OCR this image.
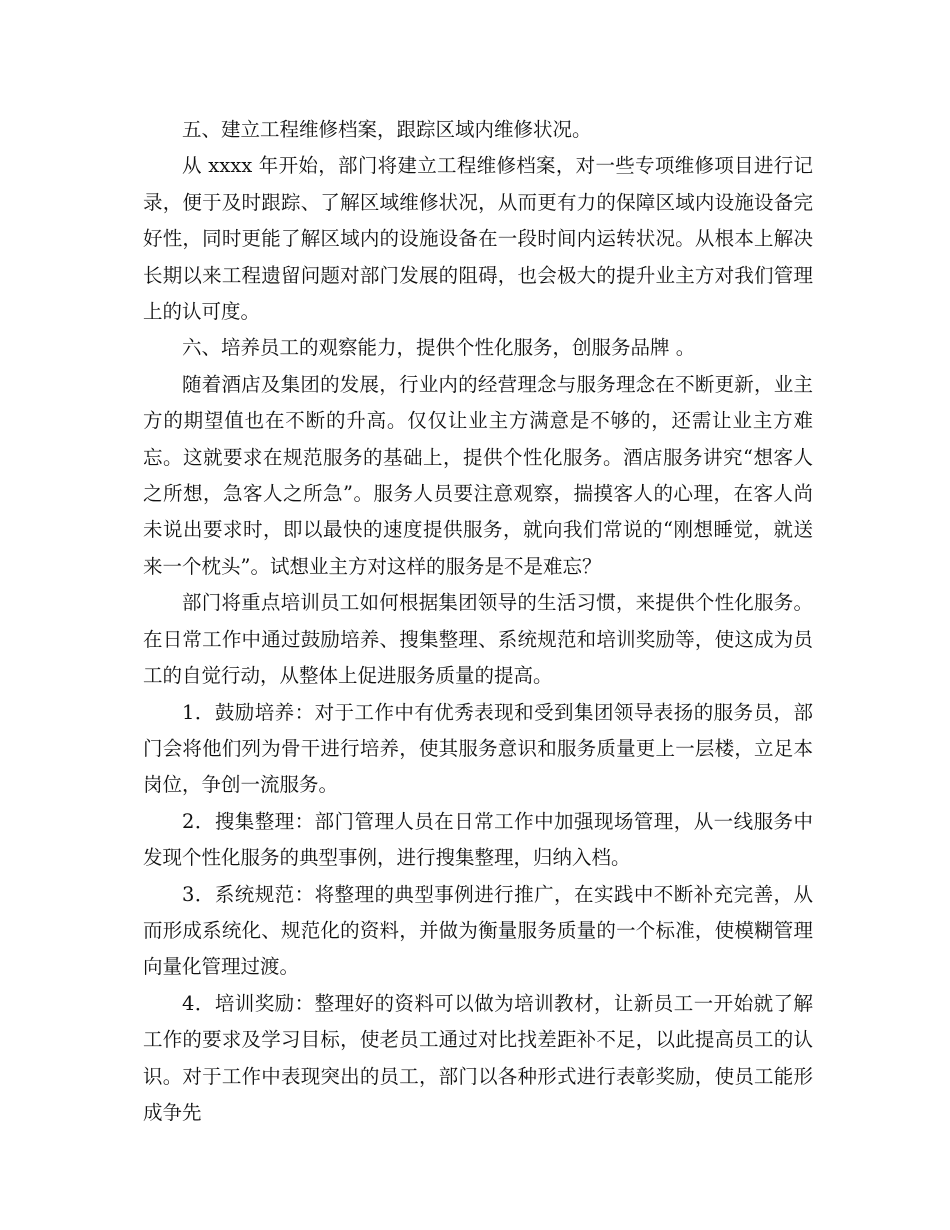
五、建立工程维修档案，跟踪区域内维修状况。

从 xxxx 年开始，部门将建立工程维修档案，对一些专项维修项目进行记录，便于及时跟踪、了解区域维修状况，从而更有力的保障区域内设施设备完好性，同时更能了解区域内的设施设备在一段时间内运转状况。从根本上解决长期以来工程遗留问题对部门发展的阻碍，也会极大的提升业主方对我们管理上的认可度。

六、培养员工的观察能力，提供个性化服务，创服务品牌 。

随着酒店及集团的发展，行业内的经营理念与服务理念在不断更新，业主方的期望值也在不断的升高。仅仅让业主方满意是不够的，还需让业主方难忘。这就要求在规范服务的基础上，提供个性化服务。酒店服务讲究“想客人之所想，急客人之所急”。服务人员要注意观察，揣摸客人的心理，在客人尚未说出要求时，即以最快的速度提供服务，就向我们常说的“刚想睡觉，就送来一个枕头”。试想业主方对这样的服务是不是难忘？

部门将重点培训员工如何根据集团领导的生活习惯，来提供个性化服务。在日常工作中通过鼓励培养、搜集整理、系统规范和培训奖励等，使这成为员工的自觉行动，从整体上促进服务质量的提高。

1．鼓励培养：对于工作中有优秀表现和受到集团领导表扬的服务员，部门会将他们列为骨干进行培养，使其服务意识和服务质量更上一层楼，立足本岗位，争创一流服务。

2．搜集整理：部门管理人员在日常工作中加强现场管理，从一线服务中发现个性化服务的典型事例，进行搜集整理，归纳入档。

3．系统规范：将整理的典型事例进行推广，在实践中不断补充完善，从而形成系统化、规范化的资料，并做为衡量服务质量的一个标准，使模糊管理向量化管理过渡。

4．培训奖励：整理好的资料可以做为培训教材，让新员工一开始就了解工作的要求及学习目标，使老员工通过对比找差距补不足，以此提高员工的认识。对于工作中表现突出的员工，部门以各种形式进行表彰奖励，使员工能形成争先
